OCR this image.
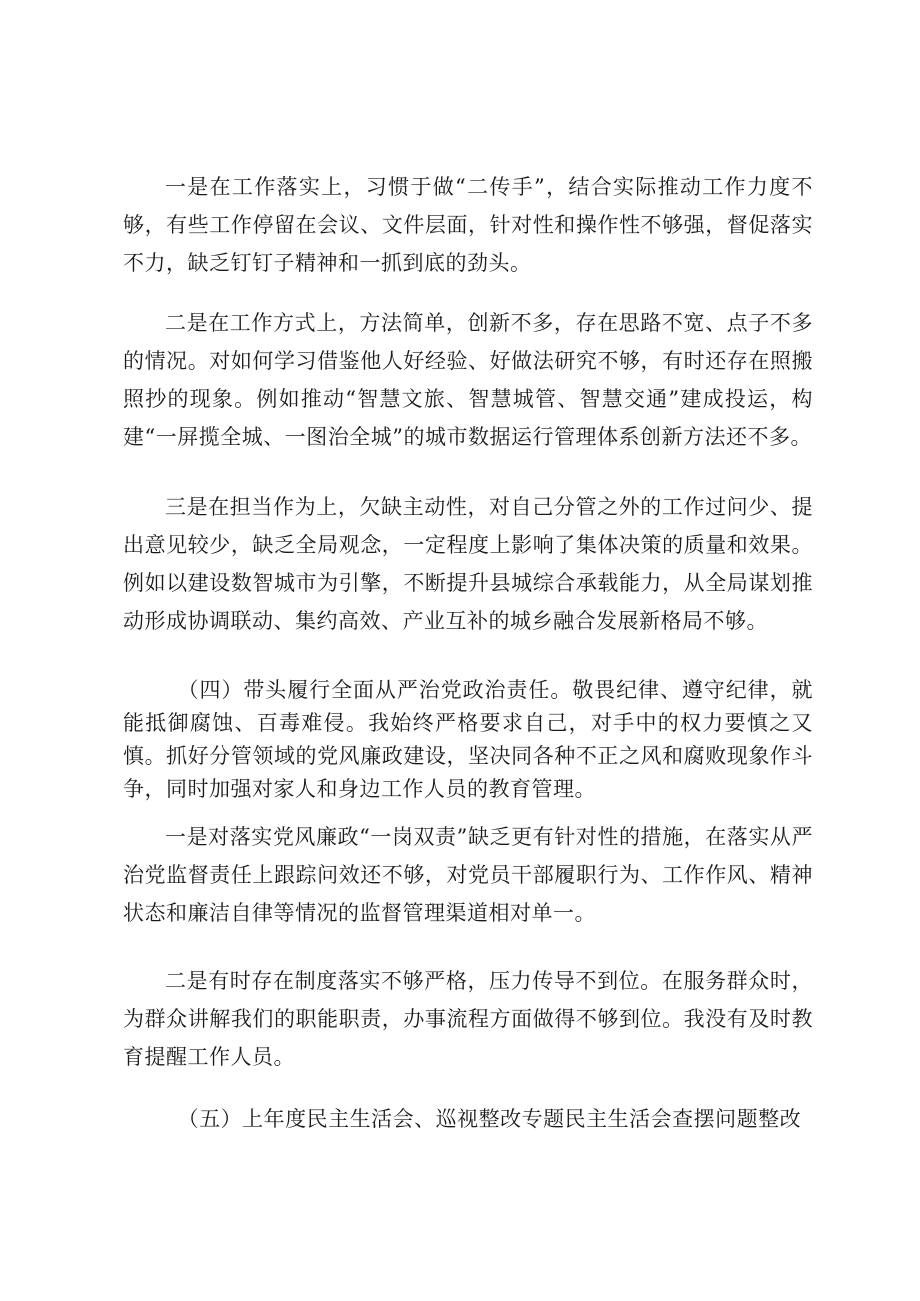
一是在工作落实上，习惯于做“二传手”，结合实际推动工作力度不够，有些工作停留在会议、文件层面，针对性和操作性不够强，督促落实不力，缺乏钉钉子精神和一抓到底的劲头。

二是在工作方式上，方法简单，创新不多，存在思路不宽、点子不多的情况。对如何学习借鉴他人好经验、好做法研究不够，有时还存在照搬照抄的现象。例如推动“智慧文旅、智慧城管、智慧交通”建成投运，构建“一屏揽全城、一图治全城”的城市数据运行管理体系创新方法还不多。

三是在担当作为上，欠缺主动性，对自己分管之外的工作过问少、提出意见较少，缺乏全局观念，一定程度上影响了集体决策的质量和效果。例如以建设数智城市为引擎，不断提升县城综合承载能力，从全局谋划推动形成协调联动、集约高效、产业互补的城乡融合发展新格局不够。

（四）带头履行全面从严治党政治责任。敬畏纪律、遵守纪律，就能抵御腐蚀、百毒难侵。我始终严格要求自己，对手中的权力要慎之又慎。抓好分管领域的党风廉政建设，坚决同各种不正之风和腐败现象作斗争，同时加强对家人和身边工作人员的教育管理。

一是对落实党风廉政“一岗双责”缺乏更有针对性的措施，在落实从严治党监督责任上跟踪问效还不够，对党员干部履职行为、工作作风、精神状态和廉洁自律等情况的监督管理渠道相对单一。

二是有时存在制度落实不够严格，压力传导不到位。在服务群众时，为群众讲解我们的职能职责，办事流程方面做得不够到位。我没有及时教育提醒工作人员。

（五）上年度民主生活会、巡视整改专题民主生活会查摆问题整改
